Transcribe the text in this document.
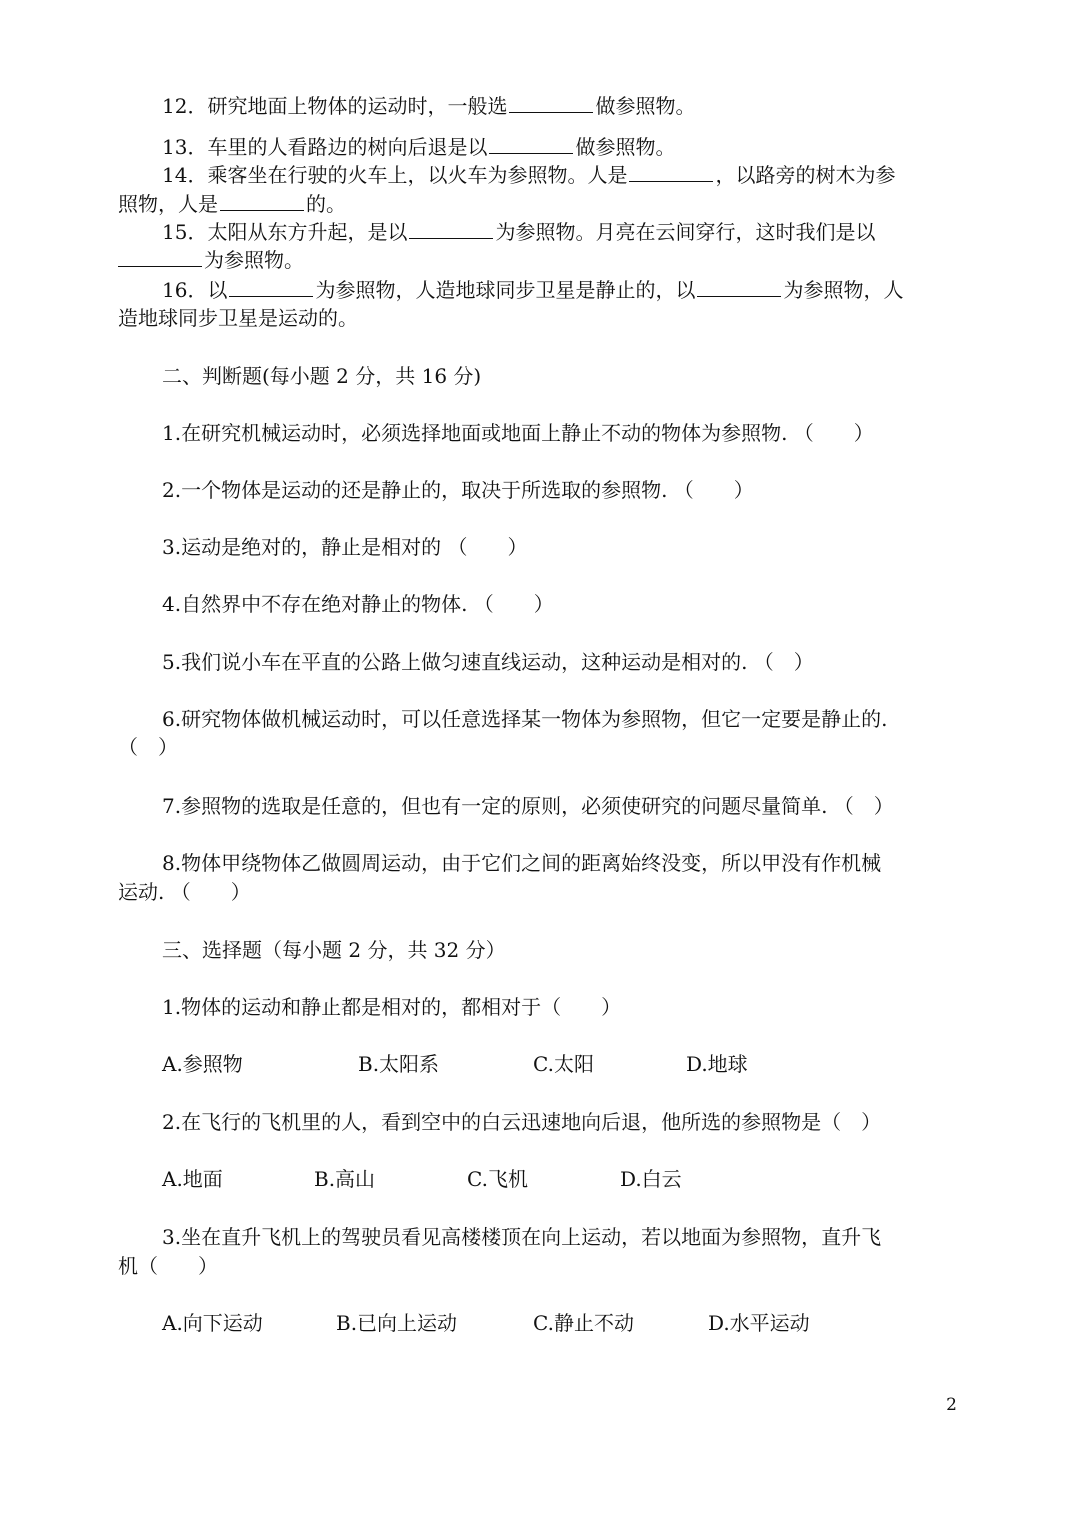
12．研究地面上物体的运动时，一般选	做参照物。
13．车里的人看路边的树向后退是以	做参照物。
14．乘客坐在行驶的火车上，以火车为参照物。人是	，以路旁的树木为参
照物，人是	的。
15．太阳从东方升起，是以	为参照物。月亮在云间穿行，这时我们是以
为参照物。
16．以	为参照物，人造地球同步卫星是静止的，以	为参照物，人
造地球同步卫星是运动的。
二、判断题(每小题 2 分，共 16 分)
1.在研究机械运动时，必须选择地面或地面上静止不动的物体为参照物. （　　）
2.一个物体是运动的还是静止的，取决于所选取的参照物. （　　）
3.运动是绝对的，静止是相对的 （　　）
4.自然界中不存在绝对静止的物体. （　　）
5.我们说小车在平直的公路上做匀速直线运动，这种运动是相对的. （　）
6.研究物体做机械运动时，可以任意选择某一物体为参照物，但它一定要是静止的.
（　）
7.参照物的选取是任意的，但也有一定的原则，必须使研究的问题尽量简单. （　）
8.物体甲绕物体乙做圆周运动，由于它们之间的距离始终没变，所以甲没有作机械
运动. （　　）
三、选择题（每小题 2 分，共 32 分）
1.物体的运动和静止都是相对的，都相对于（　　）
A.参照物	B.太阳系	C.太阳	D.地球
2.在飞行的飞机里的人，看到空中的白云迅速地向后退，他所选的参照物是（　）
A.地面	B.高山	C.飞机	D.白云
3.坐在直升飞机上的驾驶员看见高楼楼顶在向上运动，若以地面为参照物，直升飞
机（　　）
A.向下运动	B.已向上运动	C.静止不动	D.水平运动
2
